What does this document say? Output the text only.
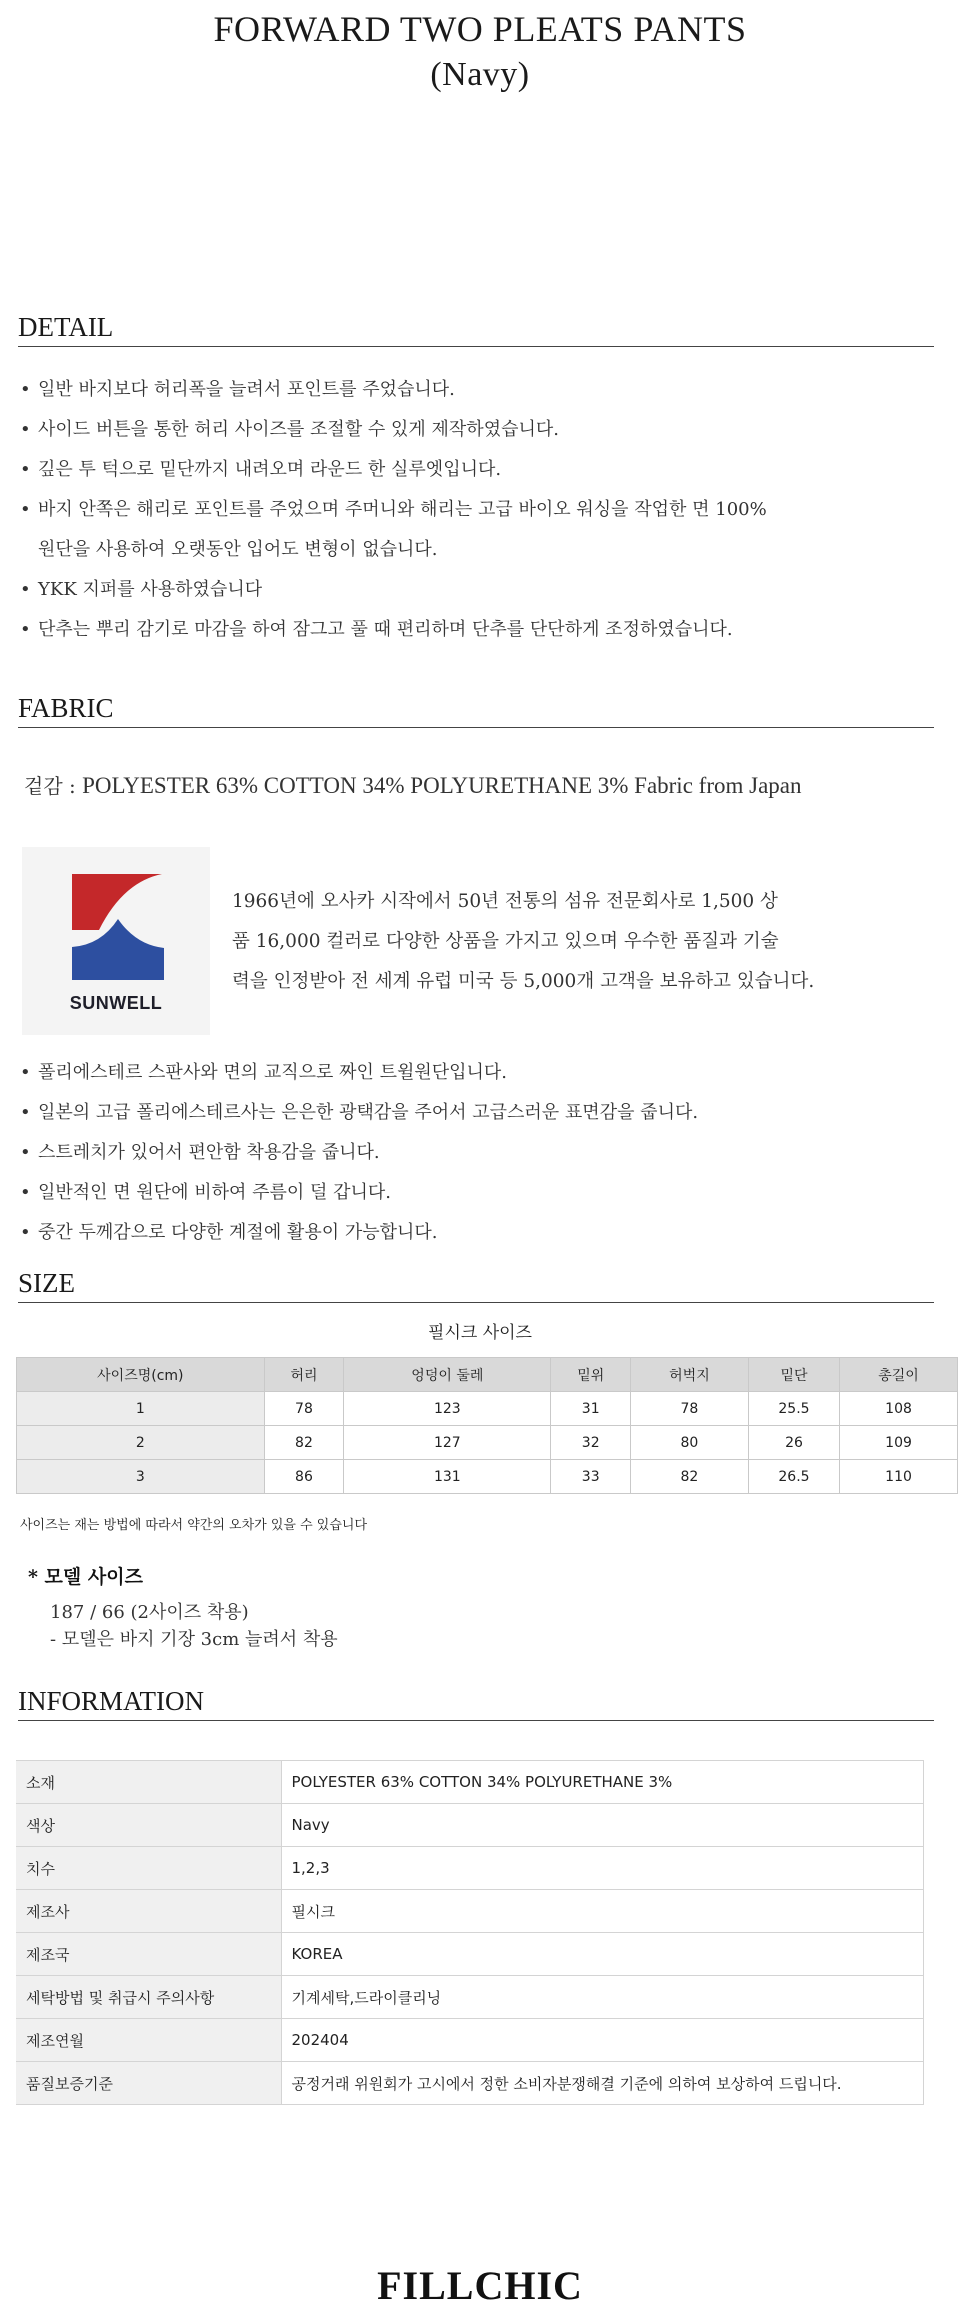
FORWARD TWO PLEATS PANTS
(Navy)
DETAIL
• 일반 바지보다 허리폭을 늘려서 포인트를 주었습니다.
• 사이드 버튼을 통한 허리 사이즈를 조절할 수 있게 제작하였습니다.
• 깊은 투 턱으로 밑단까지 내려오며 라운드 한 실루엣입니다.
• 바지 안쪽은 해리로 포인트를 주었으며 주머니와 해리는 고급 바이오 워싱을 작업한 면 100%
원단을 사용하여 오랫동안 입어도 변형이 없습니다.
• YKK 지퍼를 사용하였습니다
• 단추는 뿌리 감기로 마감을 하여 잠그고 풀 때 편리하며 단추를 단단하게 조정하였습니다.
FABRIC
겉감 : POLYESTER 63% COTTON 34% POLYURETHANE 3% Fabric from Japan
SUNWELL
1966년에 오사카 시작에서 50년 전통의 섬유 전문회사로 1,500 상
품 16,000 컬러로 다양한 상품을 가지고 있으며 우수한 품질과 기술
력을 인정받아 전 세계 유럽 미국 등 5,000개 고객을 보유하고 있습니다.
• 폴리에스테르 스판사와 면의 교직으로 짜인 트윌원단입니다.
• 일본의 고급 폴리에스테르사는 은은한 광택감을 주어서 고급스러운 표면감을 줍니다.
• 스트레치가 있어서 편안함 착용감을 줍니다.
• 일반적인 면 원단에 비하여 주름이 덜 갑니다.
• 중간 두께감으로 다양한 계절에 활용이 가능합니다.
SIZE
필시크 사이즈
사이즈명(cm)	허리	엉덩이 둘레	밑위	허벅지	밑단	총길이
1	78	123	31	78	25.5	108
2	82	127	32	80	26	109
3	86	131	33	82	26.5	110
사이즈는 재는 방법에 따라서 약간의 오차가 있을 수 있습니다
* 모델 사이즈
187 / 66 (2사이즈 착용)
- 모델은 바지 기장 3cm 늘려서 착용
INFORMATION
소재	POLYESTER 63% COTTON 34% POLYURETHANE 3%
색상	Navy
치수	1,2,3
제조사	필시크
제조국	KOREA
세탁방법 및 취급시 주의사항	기계세탁,드라이클리닝
제조연월	202404
품질보증기준	공정거래 위원회가 고시에서 정한 소비자분쟁해결 기준에 의하여 보상하여 드립니다.
FILLCHIC
